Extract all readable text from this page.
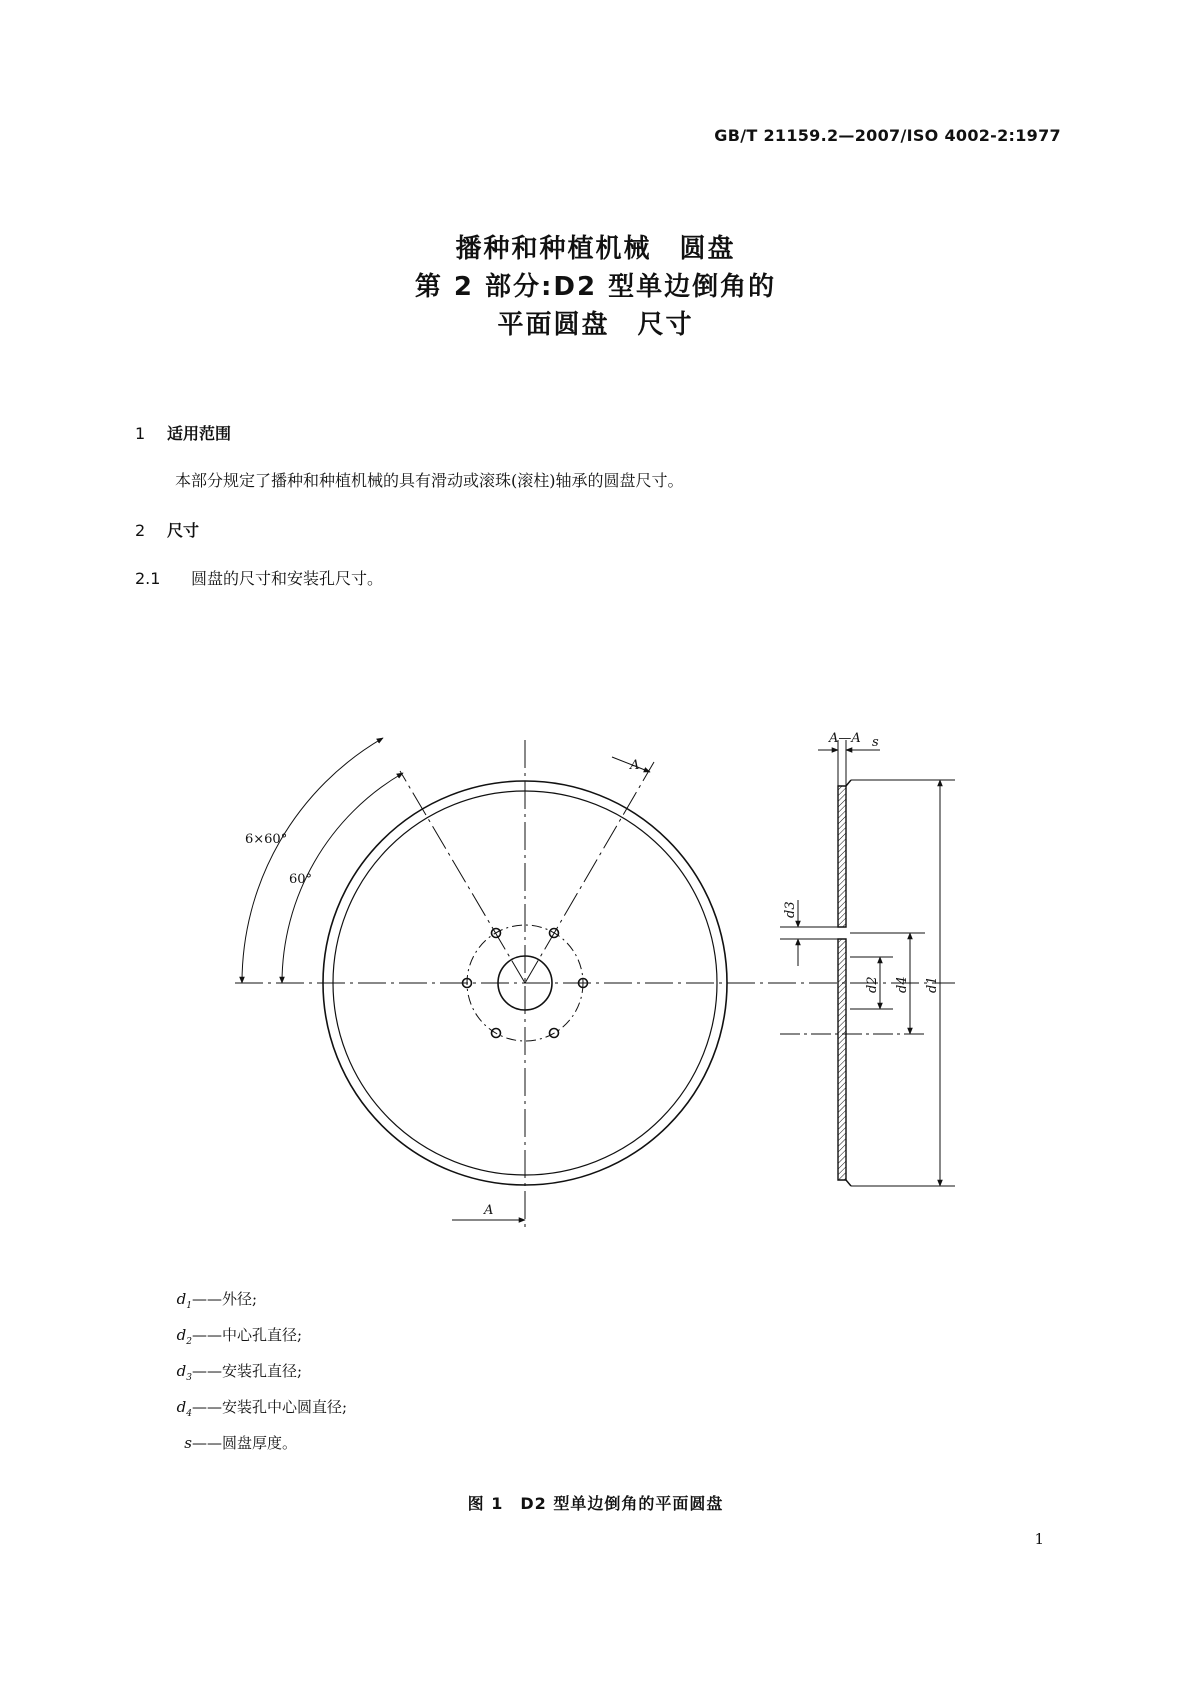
GB/T 21159.2—2007/ISO 4002-2:1977
播种和种植机械　圆盘
第 2 部分:D2 型单边倒角的
平面圆盘　尺寸
1 适用范围
本部分规定了播种和种植机械的具有滑动或滚珠(滚柱)轴承的圆盘尺寸。
2 尺寸
2.1 圆盘的尺寸和安装孔尺寸。
6×60°
60°
A
A
A—A s
d1
d4
d2
d3
$d_1——$外径;
$d_2——$中心孔直径;
$d_3——$安装孔直径;
$d_4——$安装孔中心圆直径;
s——圆盘厚度。
图 1　D2 型单边倒角的平面圆盘
1
